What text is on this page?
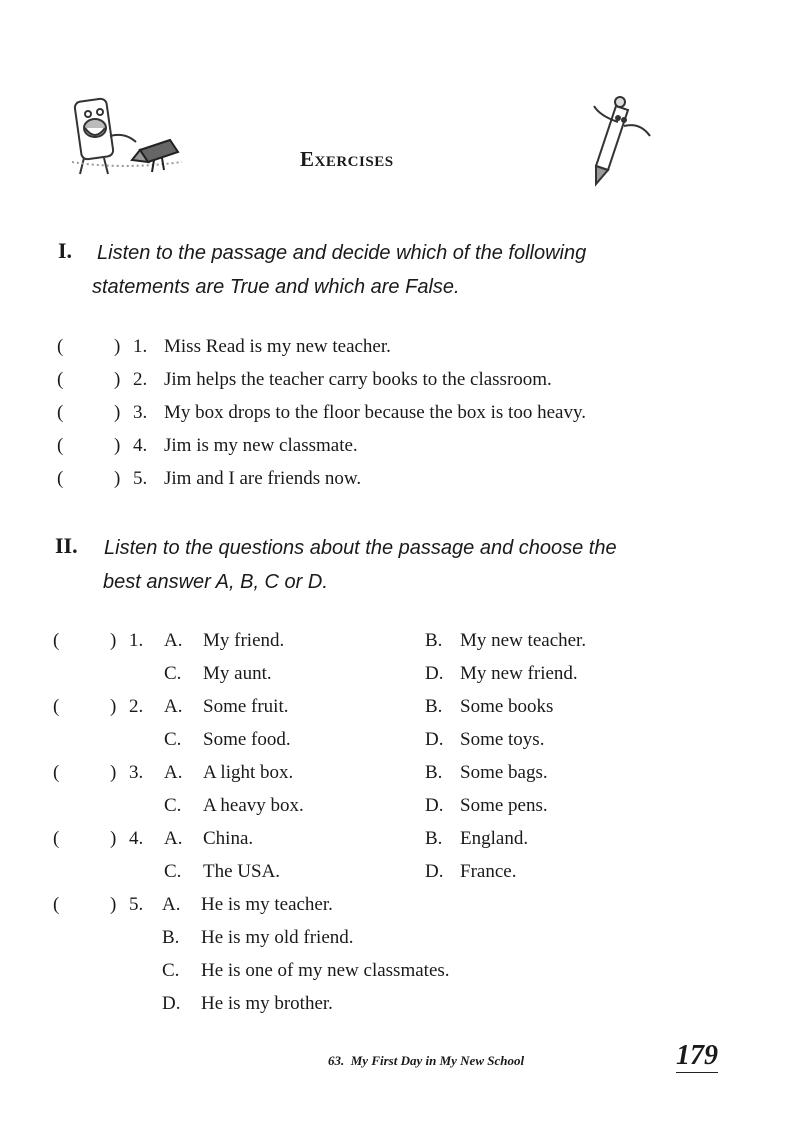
Exercises
I. Listen to the passage and decide which of the following
statements are True and which are False.
(	) 1. Miss Read is my new teacher.
(	) 2. Jim helps the teacher carry books to the classroom.
(	) 3. My box drops to the floor because the box is too heavy.
(	) 4. Jim is my new classmate.
(	) 5. Jim and I are friends now.
II. Listen to the questions about the passage and choose the
best answer A, B, C or D.
(	) 1. A. My friend.	B. My new teacher.
C. My aunt.	D. My new friend.
(	) 2. A. Some fruit.	B. Some books
C. Some food.	D. Some toys.
(	) 3. A. A light box.	B. Some bags.
C. A heavy box.	D. Some pens.
(	) 4. A. China.	B. England.
C. The USA.	D. France.
(	) 5. A. He is my teacher.
B. He is my old friend.
C. He is one of my new classmates.
D. He is my brother.
63.  My First Day in My New School	179
